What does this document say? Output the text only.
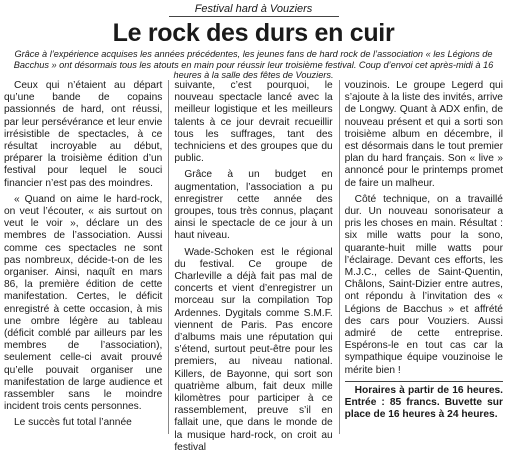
Festival hard à Vouziers
Le rock des durs en cuir
Grâce à l’expérience acquises les années précédentes, les jeunes fans de hard rock de l’association « les Légions de Bacchus » ont désormais tous les atouts en main pour réussir leur troisième festival. Coup d’envoi cet après-midi à 16 heures à la salle des fêtes de Vouziers.

Ceux qui n’étaient au départ qu’une bande de copains passionnés de hard, ont réussi, par leur persévérance et leur envie irrésistible de spectacles, à ce résultat incroyable au début, préparer la troisième édition d’un festival pour lequel le souci financier n’est pas des moindres.

« Quand on aime le hard-rock, on veut l’écouter, « ais surtout on veut le voir », déclare un des membres de l’association. Aussi comme ces spectacles ne sont pas nombreux, décide-t-on de les organiser. Ainsi, naquît en mars 86, la première édition de cette manifestation. Certes, le déficit enregistré à cette occasion, à mis une ombre légère au tableau (déficit comblé par ailleurs par les membres de l’association), seulement celle-ci avait prouvé qu’elle pouvait organiser une manifestation de large audience et rassembler sans le moindre incident trois cents personnes.

Le succès fut total l’année

suivante, c’est pourquoi, le nouveau spectacle lancé avec la meilleur logistique et les meilleurs talents à ce jour devrait recueillir tous les suffrages, tant des techniciens et des groupes que du public.

Grâce à un budget en augmentation, l’association a pu enregistrer cette année des groupes, tous très connus, plaçant ainsi le spectacle de ce jour à un haut niveau.

Wade-Schoken est le régional du festival. Ce groupe de Charleville a déjà fait pas mal de concerts et vient d’enregistrer un morceau sur la compilation Top Ardennes. Dygitals comme S.M.F. viennent de Paris. Pas encore d’albums mais une réputation qui s’étend, surtout peut-être pour les premiers, au niveau national. Killers, de Bayonne, qui sort son quatrième album, fait deux mille kilomètres pour participer à ce rassemblement, preuve s’il en fallait une, que dans le monde de la musique hard-rock, on croit au festival

vouzinois. Le groupe Legerd qui s’ajoute à la liste des invités, arrive de Longwy. Quant à ADX enfin, de nouveau présent et qui a sorti son troisième album en décembre, il est désormais dans le tout premier plan du hard français. Son « live » annoncé pour le printemps promet de faire un malheur.

Côté technique, on a travaillé dur. Un nouveau sonorisateur a pris les choses en main. Résultat : six mille watts pour la sono, quarante-huit mille watts pour l’éclairage. Devant ces efforts, les M.J.C., celles de Saint-Quentin, Châlons, Saint-Dizier entre autres, ont répondu à l’invitation des « Légions de Bacchus » et affrété des cars pour Vouziers. Aussi admiré de cette entreprise. Espérons-le en tout cas car la sympathique équipe vouzinoise le mérite bien !

Horaires à partir de 16 heures. Entrée : 85 francs. Buvette sur place de 16 heures à 24 heures.
